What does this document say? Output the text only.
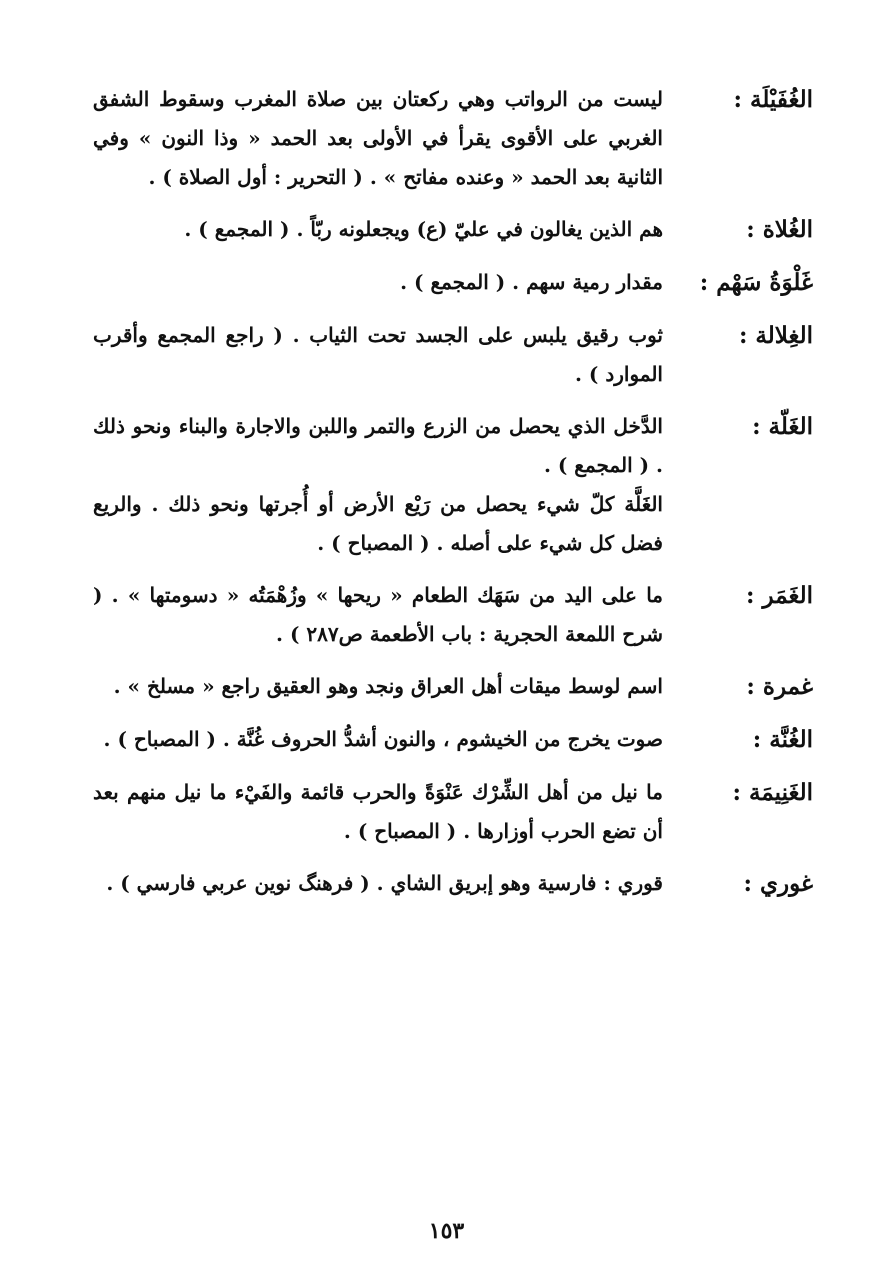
الغُفَيْلَة :

ليست من الرواتب وهي ركعتان بين صلاة المغرب وسقوط الشفق الغربي على الأقوى يقرأ في الأولى بعد الحمد « وذا النون » وفي الثانية بعد الحمد « وعنده مفاتح » . ( التحرير : أول الصلاة ) .

الغُلاة :

هم الذين يغالون في عليّ (ع) ويجعلونه ربّاً . ( المجمع ) .

غَلْوَةُ سَهْم :

مقدار رمية سهم . ( المجمع ) .

الغِلالة :

ثوب رقيق يلبس على الجسد تحت الثياب . ( راجع المجمع وأقرب الموارد ) .

الغَلّة :

الدَّخل الذي يحصل من الزرع والتمر واللبن والاجارة والبناء ونحو ذلك . ( المجمع ) .

الغَلَّة كلّ شيء يحصل من رَيْع الأرض أو أُجرتها ونحو ذلك . والريع فضل كل شيء على أصله . ( المصباح ) .

الغَمَر :

ما على اليد من سَهَك الطعام « ريحها » وزُهْمَتُه « دسومتها » . ( شرح اللمعة الحجرية : باب الأطعمة ص٢٨٧ ) .

غمرة :

اسم لوسط ميقات أهل العراق ونجد وهو العقيق راجع « مسلخ » .

الغُنَّة :

صوت يخرج من الخيشوم ، والنون أشدُّ الحروف غُنَّة . ( المصباح ) .

الغَنِيمَة :

ما نيل من أهل الشِّرْك عَنْوَةً والحرب قائمة والفَيْء ما نيل منهم بعد أن تضع الحرب أوزارها . ( المصباح ) .

غوري :

قوري : فارسية وهو إبريق الشاي . ( فرهنگ نوين عربي فارسي ) .

١٥٣
